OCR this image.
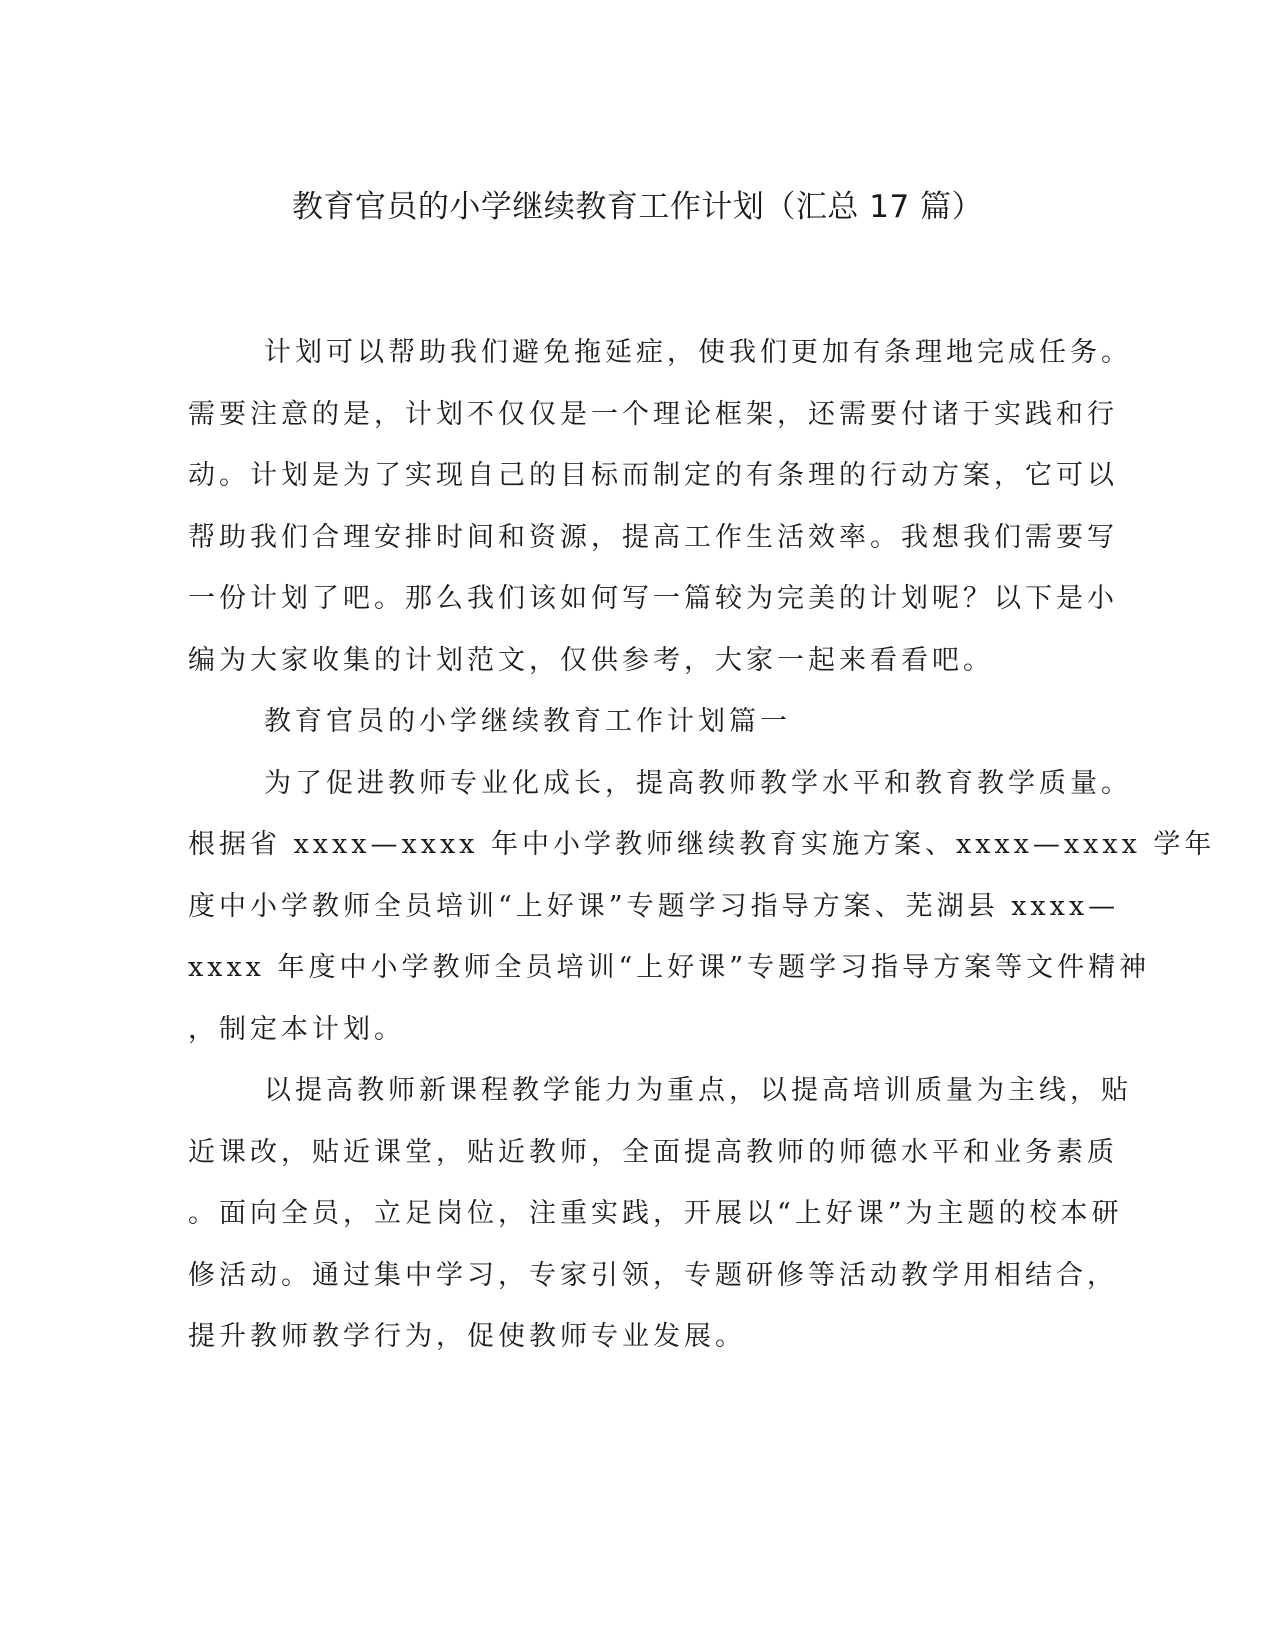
教育官员的小学继续教育工作计划（汇总 17 篇）
计划可以帮助我们避免拖延症，使我们更加有条理地完成任务。
需要注意的是，计划不仅仅是一个理论框架，还需要付诸于实践和行
动。计划是为了实现自己的目标而制定的有条理的行动方案，它可以
帮助我们合理安排时间和资源，提高工作生活效率。我想我们需要写
一份计划了吧。那么我们该如何写一篇较为完美的计划呢？以下是小
编为大家收集的计划范文，仅供参考，大家一起来看看吧。
教育官员的小学继续教育工作计划篇一
为了促进教师专业化成长，提高教师教学水平和教育教学质量。
根据省 xxxx—xxxx 年中小学教师继续教育实施方案、xxxx—xxxx 学年
度中小学教师全员培训“上好课”专题学习指导方案、芜湖县 xxxx—
xxxx 年度中小学教师全员培训“上好课”专题学习指导方案等文件精神
，制定本计划。
以提高教师新课程教学能力为重点，以提高培训质量为主线，贴
近课改，贴近课堂，贴近教师，全面提高教师的师德水平和业务素质
。面向全员，立足岗位，注重实践，开展以“上好课”为主题的校本研
修活动。通过集中学习，专家引领，专题研修等活动教学用相结合，
提升教师教学行为，促使教师专业发展。
